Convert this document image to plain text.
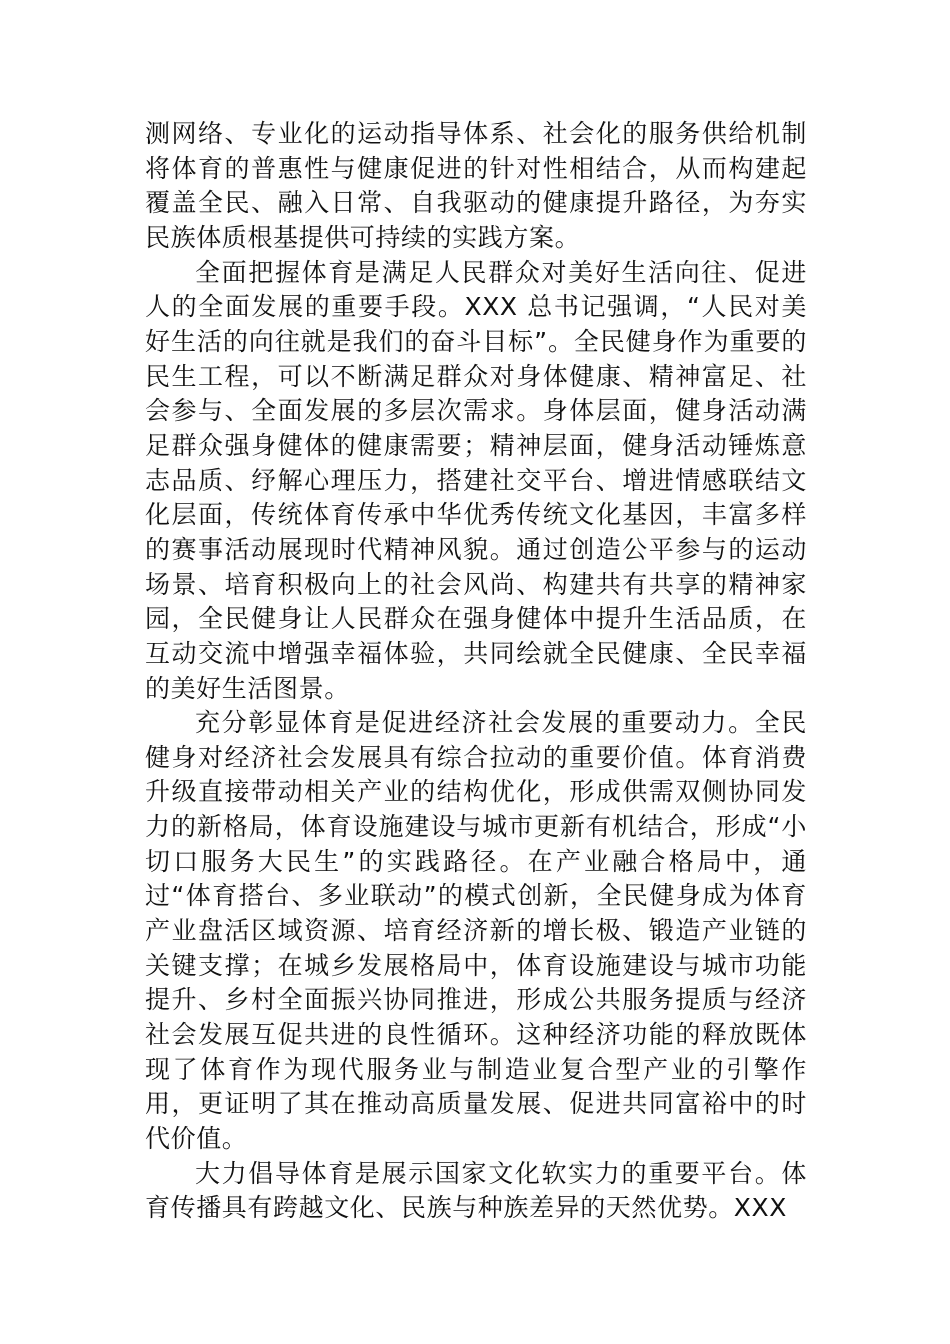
测网络、专业化的运动指导体系、社会化的服务供给机制将体育的普惠性与健康促进的针对性相结合，从而构建起覆盖全民、融入日常、自我驱动的健康提升路径，为夯实民族体质根基提供可持续的实践方案。

全面把握体育是满足人民群众对美好生活向往、促进人的全面发展的重要手段。XXX 总书记强调，“人民对美好生活的向往就是我们的奋斗目标”。全民健身作为重要的民生工程，可以不断满足群众对身体健康、精神富足、社会参与、全面发展的多层次需求。身体层面，健身活动满足群众强身健体的健康需要；精神层面，健身活动锤炼意志品质、纾解心理压力，搭建社交平台、增进情感联结文化层面，传统体育传承中华优秀传统文化基因，丰富多样的赛事活动展现时代精神风貌。通过创造公平参与的运动场景、培育积极向上的社会风尚、构建共有共享的精神家园，全民健身让人民群众在强身健体中提升生活品质，在互动交流中增强幸福体验，共同绘就全民健康、全民幸福的美好生活图景。

充分彰显体育是促进经济社会发展的重要动力。全民健身对经济社会发展具有综合拉动的重要价值。体育消费升级直接带动相关产业的结构优化，形成供需双侧协同发力的新格局，体育设施建设与城市更新有机结合，形成“小切口服务大民生”的实践路径。在产业融合格局中，通过“体育搭台、多业联动”的模式创新，全民健身成为体育产业盘活区域资源、培育经济新的增长极、锻造产业链的关键支撑；在城乡发展格局中，体育设施建设与城市功能提升、乡村全面振兴协同推进，形成公共服务提质与经济社会发展互促共进的良性循环。这种经济功能的释放既体现了体育作为现代服务业与制造业复合型产业的引擎作用，更证明了其在推动高质量发展、促进共同富裕中的时代价值。

大力倡导体育是展示国家文化软实力的重要平台。体育传播具有跨越文化、民族与种族差异的天然优势。XXX
